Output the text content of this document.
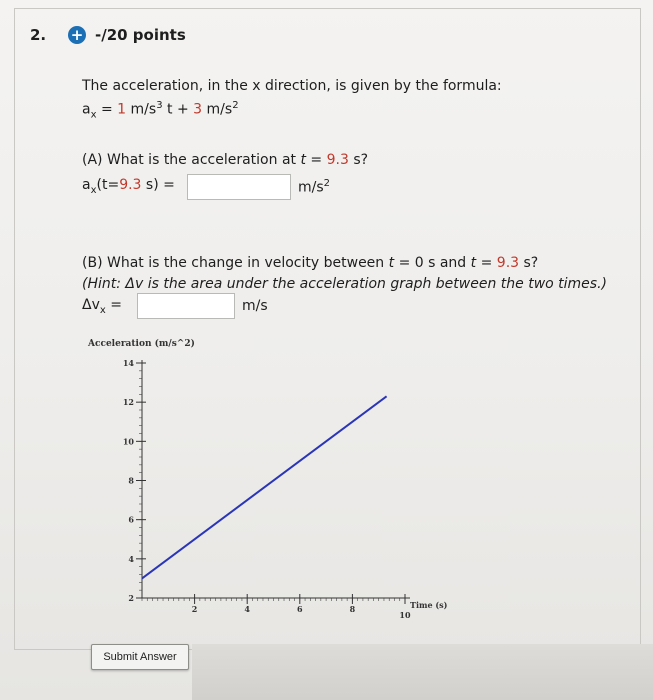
2. + -/20 points
The acceleration, in the x direction, is given by the formula:
$a_x = 1$ $m/s^3$ t + 3 $m/s^2$
(A) What is the acceleration at t = 9.3 s?
$a_x(t=9.3$ s) =	$m/s^2$
(B) What is the change in velocity between t = 0 s and t = 9.3 s?
(Hint: Δv is the area under the acceleration graph between the two times.)
$\Delta v_x$ =	m/s
2
4
6
8
10
12
14
2	4	6	8
10
Acceleration (m/s^2)
Time (s)
Submit Answer
